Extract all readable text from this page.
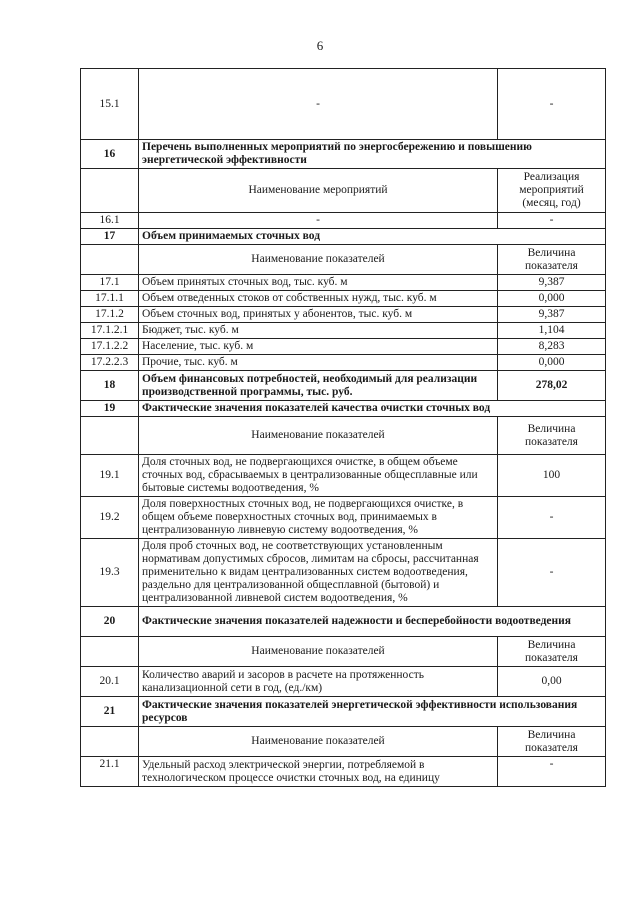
6
15.1	-	-
16	Перечень выполненных мероприятий по энергосбережению и повышению энергетической эффективности	
	Наименование мероприятий	Реализация мероприятий (месяц, год)
16.1	-	-
17	Объем принимаемых сточных вод	
	Наименование показателей	Величина показателя
17.1	Объем принятых сточных вод, тыс. куб. м	9,387
17.1.1	Объем отведенных стоков от собственных нужд, тыс. куб. м	0,000
17.1.2	Объем сточных вод, принятых у абонентов, тыс. куб. м	9,387
17.1.2.1	Бюджет, тыс. куб. м	1,104
17.1.2.2	Население, тыс. куб. м	8,283
17.2.2.3	Прочие, тыс. куб. м	0,000
18	Объем финансовых потребностей, необходимый для реализации производственной программы, тыс. руб.	278,02
19	Фактические значения показателей качества очистки сточных вод	
	Наименование показателей	Величина показателя
19.1	Доля сточных вод, не подвергающихся очистке, в общем объеме сточных вод, сбрасываемых в централизованные общесплавные или бытовые системы водоотведения, %	100
19.2	Доля поверхностных сточных вод, не подвергающихся очистке, в общем объеме поверхностных сточных вод, принимаемых в централизованную ливневую систему водоотведения, %	-
19.3	Доля проб сточных вод, не соответствующих установленным нормативам допустимых сбросов, лимитам на сбросы, рассчитанная применительно к видам централизованных систем водоотведения, раздельно для централизованной общесплавной (бытовой) и централизованной ливневой систем водоотведения, %	-
20	Фактические значения показателей надежности и бесперебойности водоотведения	
	Наименование показателей	Величина показателя
20.1	Количество аварий и засоров в расчете на протяженность канализационной сети в год, (ед./км)	0,00
21	Фактические значения показателей энергетической эффективности использования ресурсов	
	Наименование показателей	Величина показателя
21.1	Удельный расход электрической энергии, потребляемой в технологическом процессе очистки сточных вод, на единицу	-
